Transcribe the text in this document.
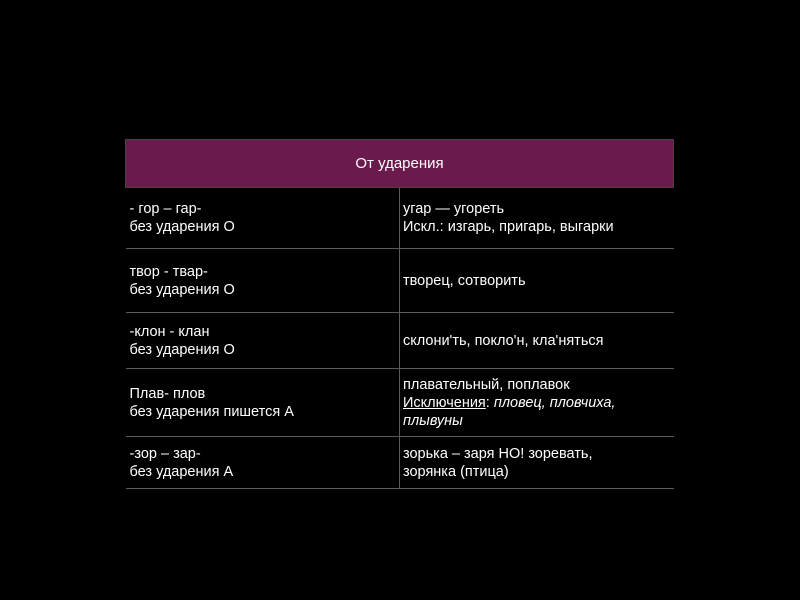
От ударения	

- гор – гар-
без ударения О	угар — угореть
Искл.: изгарь, пригарь, выгарки

твор - твар-
без ударения О	творец, сотворить

-клон - клан
без ударения О	склони'ть, покло'н, кла'няться

Плав- плов
без ударения пишется А	плавательный, поплавок
Исключения: пловец, пловчиха,
плывуны

-зор – зар-
без ударения А	зорька – заря НО! зоревать,
зорянка (птица)
